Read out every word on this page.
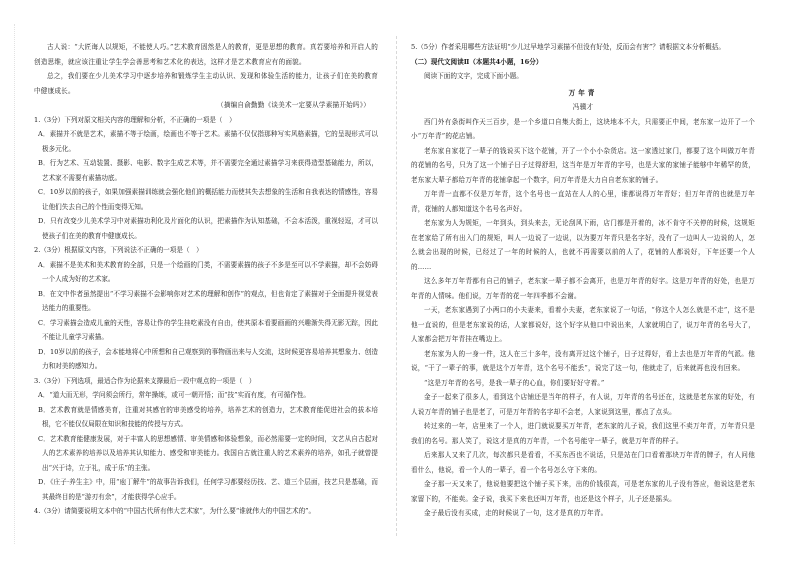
古人说：“大匠诲人以规矩，不能使人巧。”艺术教育固然是人的教育，更是思想的教育。真若要培养和开启人的创造思维，就应该注重让学生学会善思考和艺术化的表达，这样才是艺术教育应有的面貌。

总之，我们要在少儿美术学习中逐步培养和锻炼学生主动认识、发现和体验生活的能力，让孩子们在美的教育中健康成长。

（摘编自俞勤勤《谈美术一定要从学素描开始吗》）

1.（3分）下列对原文相关内容的理解和分析，不正确的一项是（　）

A．素描并不就是艺术，素描不等于绘画，绘画也不等于艺术。素描不仅仅指那种写实风格素描，它的呈现形式可以极多元化。

B．行为艺术、互动装置、摄影、电影、数字生成艺术等，并不需要完全通过素描学习来获得造型基础能力，所以，艺术家不需要有素描功底。

C．10岁以前的孩子，如果加强素描训练就会强化他们的概括能力而使其失去想象的生活和自我表达的情感性，容易让他们失去自己的个性而变得无知。

D．只有改变少儿美术学习中对素描功利化及片面化的认识，把素描作为认知基础，不会本活泼，重视轻逗，才可以使孩子们在美的教育中健康成长。

2.（3分）根据原文内容，下列说法不正确的一项是（　）

A．素描不是美术和美术教育的全部，只是一个绘画的门类，不需要素描的孩子不多是至可以不学素描，却不会妨碍一个人成为好的艺术家。

B．在文中作者虽然提出“不学习素描不会影响你对艺术的理解和创作”的观点，但也肯定了素描对于全面提升视觉表达能力的重要性。

C．学习素描会造成儿童的天性，容易让作的学生挂吃素没有自由，使其原本看要画画的兴趣渐失得无影无踪，因此不能让儿童学习素描。

D．10岁以前的孩子，会本能地将心中所想和自己观察到的事物画出来与人交流，这时候更容易培养其想象力、创造力和对美的感知力。

3.（3分）下列选项，最适合作为论据来支撑最后一段中观点的一项是（　）

A．“道大而无形，学问须会所行，常年操练，或可一朝开悟；而“技”实而有度，有可循作性。

B．艺术教育就是情感美育，注重对其感官的审美感受的培养，培养艺术的创造力，艺术教育能促进社会的拔本培根，它不能仅仅局限在知识和技能的传授与方式。

C．艺术教育能健康发展，对于丰富人的思想感情、审美情感和体验想象，而必然需要一定的时间，文艺从自古起对人的艺术素养的培养以及培养其认知能力、感受和审美能力。我国自古就注重人的艺术素养的培养，如孔子就曾提出“兴于诗，立于礼，成于乐”的主张。

D．《庄子·养生主》中，用“庖丁解牛”的故事告诉我们，任何学习都要经历技、艺、道三个层面，技艺只是基础，而其最终目的是“游刃有余”，才能获得学心应手。

4.（3分）请简要说明文本中的“中国古代所有伟大艺术家”，为什么要“谁就伟大的中国艺术的”。

5.（5分）作者采用哪些方法证明“少儿过早地学习素描不但没有好处，反而会有害”？请根据文本分析概括。

（二）现代文阅读Ⅱ（本题共4小题，16分）

阅读下面的文字，完成下面小题。

万年青

冯骥才

西门外有条街叫作天三百步，是一个乡道口自集大街上，这块地本不大，只需要正中间，老东家一边开了一个小“万年青”的花店铺。

老东家自家花了一辈子的钱说买下这个花铺，开了一个小小杂货店。这一家透过家门，都要了这个叫做万年青的花铺的名号，只为了这一个铺子日子过得舒坦，这当年是万年青的字号，也是大家的家铺子能够中年稀罕的货，老东家大辈子都给万年青的花铺拿起一个数字，问万年青是大力自自老东家的铺子。

万年青一直都不仅是万年青，这个名号也一直站在人人的心里，谁都说得万年青好；但万年青的也就是万年青，花铺的人都知道这个名号名声好。

老东家为人为规矩，一年到头，到头来去，无论刮风下雨，店门都是开着的，冰不肯守不关停的时候，这规矩在老家给了所有出入门的规矩，叫人一边说了一边说，以为要万年青只是名字好，没有了一边叫人一边说的人，怎么就会出现的时候，已经过了一年的时候的人，也就不再需要以前的人了，花铺的人都说好，下年还要一个人的……

这么多年万年青都有自己的铺子，老东家一辈子都不会离开，也是万年青的好字。这是万年青的好处，也是万年青的人情味。他们说，万年青的花一年四季都不会谢。

一天，老东家遇到了小两口的小夫妻来，看着小夫妻，老东家说了一句话，“你这个人怎么就是不走”，这不是他一直说的，但是老东家说的话，人家都说好，这个好字从他口中说出来，人家就明白了，说万年青的名号大了，人家都会把万年青挂在嘴边上。

老东家为人的一身一件，这人在三十多年，没有离开过这个铺子，日子过得好，看上去也是万年青的气派。他说，“干了一辈子的事，就是这个万年青，这个名号不能丢”，说完了这一句，他就走了，后来就再也没有回来。

“这是万年青的名号，是我一辈子的心血，你们要好好守着。”

金子一起来了很多人，看到这个店铺还是当年的样子，有人说，万年青的名号还在，这就是老东家的好处，有人说万年青的铺子也是老了，可是万年青的名字却不会老，人家说到这里，都点了点头。

转过来的一年，店里来了一个人，进门就说要买万年青，老东家的儿子说，我们这里不卖万年青，万年青只是我们的名号。那人笑了，说这才是真的万年青，一个名号能守一辈子，就是万年青的样子。

后来那人又来了几次，每次都只是看看，不买东西也不说话，只是站在门口看着那块万年青的牌子，有人问他看什么，他说，看一个人的一辈子，看一个名号怎么守下来的。

金子那一天又来了，他说他要把这个铺子买下来，出的价钱很高，可是老东家的儿子没有答应，他说这是老东家留下的，不能卖。金子说，我买下来也还叫万年青，也还是这个样子，儿子还是摇头。

金子最后没有买成，走的时候说了一句，这才是真的万年青。
